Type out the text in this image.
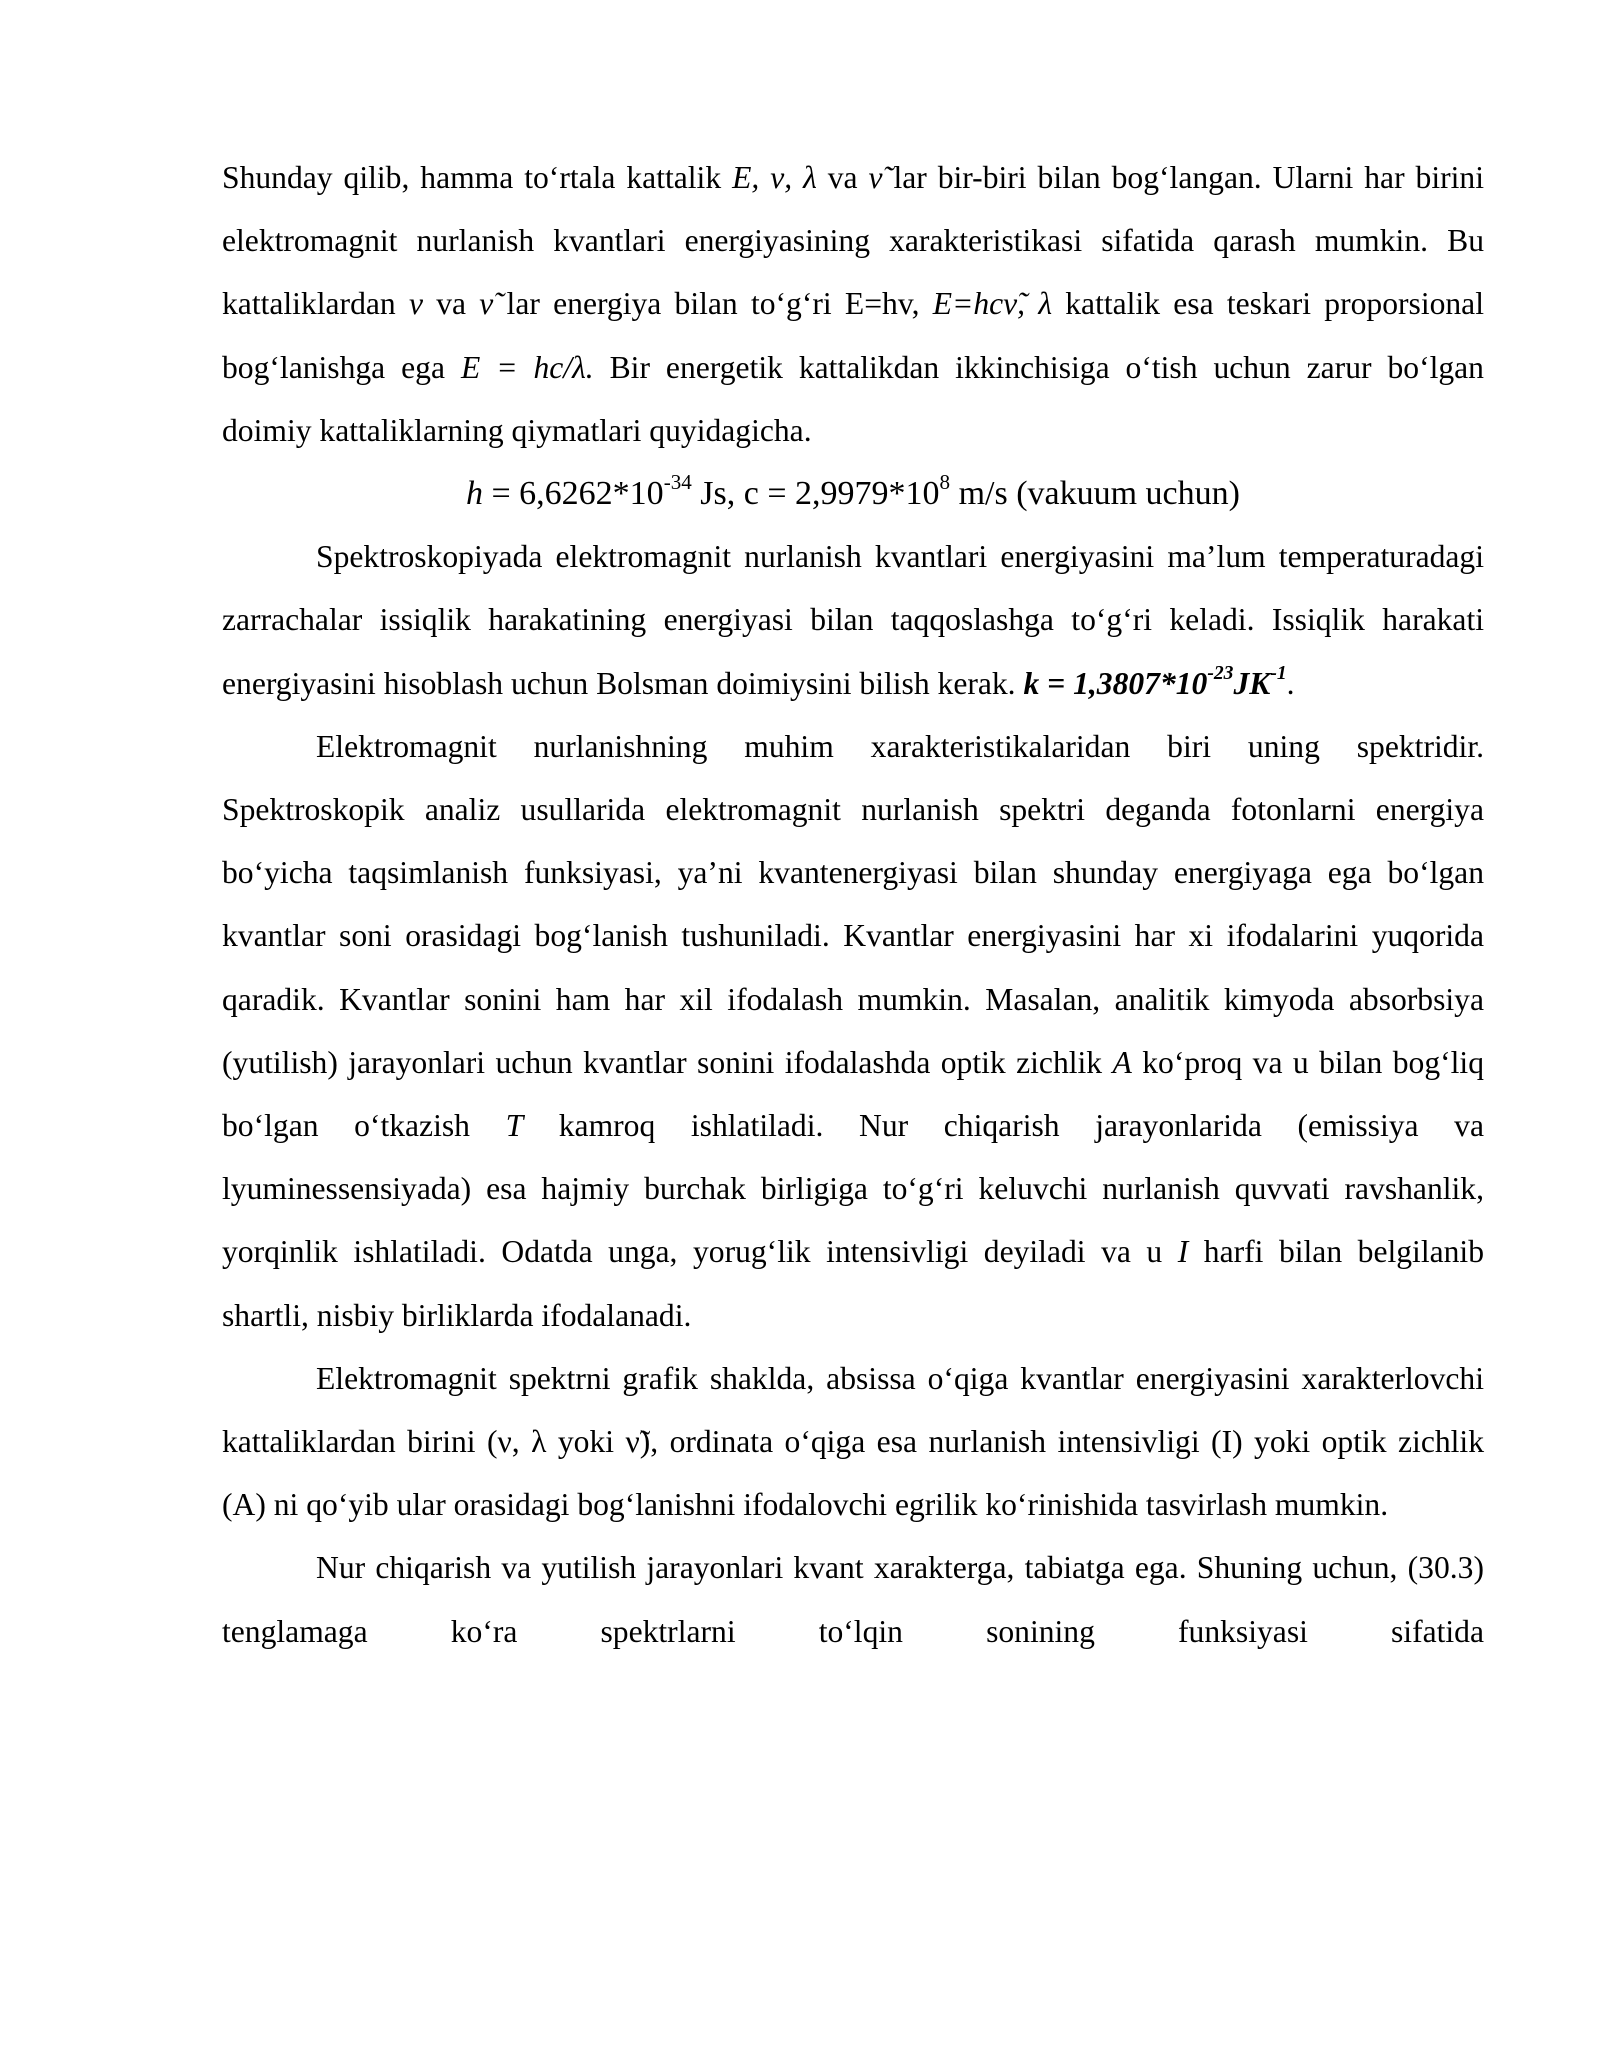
Shunday qilib, hamma to‘rtala kattalik E, ν, λ va ν̃ lar bir-biri bilan bog‘langan. Ularni har birini elektromagnit nurlanish kvantlari energiyasining xarakteristikasi sifatida qarash mumkin. Bu kattaliklardan ν va ν̃ lar energiya bilan to‘g‘ri E=hv, E=hcν̃, λ kattalik esa teskari proporsional bog‘lanishga ega E = hc/λ. Bir energetik kattalikdan ikkinchisiga o‘tish uchun zarur bo‘lgan doimiy kattaliklarning qiymatlari quyidagicha.

$h = 6,6262*10^{-34}$ Js, $c = 2,9979*10^8$ m/s (vakuum uchun)

Spektroskopiyada elektromagnit nurlanish kvantlari energiyasini ma’lum temperaturadagi zarrachalar issiqlik harakatining energiyasi bilan taqqoslashga to‘g‘ri keladi. Issiqlik harakati energiyasini hisoblash uchun Bolsman doimiysini bilish kerak. $k = 1,3807*10^{-23}JK^{-1}$.

Elektromagnit nurlanishning muhim xarakteristikalaridan biri uning spektridir. Spektroskopik analiz usullarida elektromagnit nurlanish spektri deganda fotonlarni energiya bo‘yicha taqsimlanish funksiyasi, ya’ni kvantenergiyasi bilan shunday energiyaga ega bo‘lgan kvantlar soni orasidagi bog‘lanish tushuniladi. Kvantlar energiyasini har xi ifodalarini yuqorida qaradik. Kvantlar sonini ham har xil ifodalash mumkin. Masalan, analitik kimyoda absorbsiya (yutilish) jarayonlari uchun kvantlar sonini ifodalashda optik zichlik A ko‘proq va u bilan bog‘liq bo‘lgan o‘tkazish T kamroq ishlatiladi. Nur chiqarish jarayonlarida (emissiya va lyuminessensiyada) esa hajmiy burchak birligiga to‘g‘ri keluvchi nurlanish quvvati ravshanlik, yorqinlik ishlatiladi. Odatda unga, yorug‘lik intensivligi deyiladi va u I harfi bilan belgilanib shartli, nisbiy birliklarda ifodalanadi.

Elektromagnit spektrni grafik shaklda, absissa o‘qiga kvantlar energiyasini xarakterlovchi kattaliklardan birini (ν, λ yoki ν̃), ordinata o‘qiga esa nurlanish intensivligi (I) yoki optik zichlik (A) ni qo‘yib ular orasidagi bog‘lanishni ifodalovchi egrilik ko‘rinishida tasvirlash mumkin.

Nur chiqarish va yutilish jarayonlari kvant xarakterga, tabiatga ega. Shuning uchun, (30.3) tenglamaga ko‘ra spektrlarni to‘lqin sonining funksiyasi sifatida
